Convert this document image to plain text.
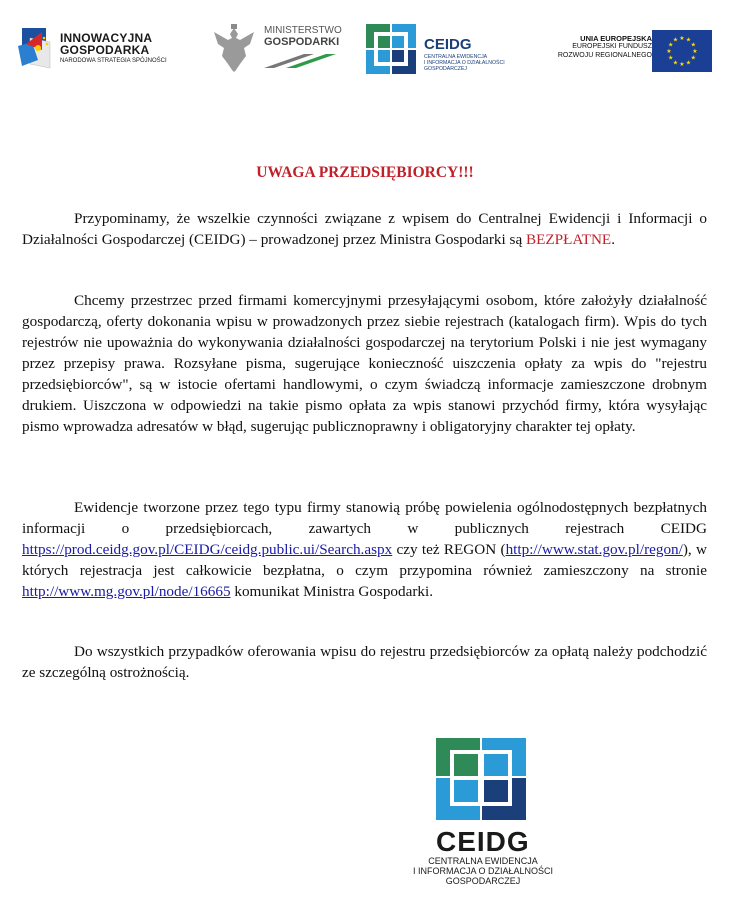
INNOWACYJNA
GOSPODARKA
NARODOWA STRATEGIA SPÓJNOŚCI
MINISTERSTWO
GOSPODARKI	CEIDG
CENTRALNA EWIDENCJA
I INFORMACJA O DZIAŁALNOŚCI
GOSPODARCZEJ
UNIA EUROPEJSKA
EUROPEJSKI FUNDUSZ
ROZWOJU REGIONALNEGO
★
★
★
★
★
★
★
★
★ ★ ★
★
UWAGA PRZEDSIĘBIORCY!!!

Przypominamy, że wszelkie czynności związane z wpisem do Centralnej Ewidencji i Informacji o Działalności Gospodarczej (CEIDG) – prowadzonej przez Ministra Gospodarki są BEZPŁATNE.

Chcemy przestrzec przed firmami komercyjnymi przesyłającymi osobom, które założyły działalność gospodarczą, oferty dokonania wpisu w prowadzonych przez siebie rejestrach (katalogach firm). Wpis do tych rejestrów nie upoważnia do wykonywania działalności gospodarczej na terytorium Polski i nie jest wymagany przez przepisy prawa. Rozsyłane pisma, sugerujące konieczność uiszczenia opłaty za wpis do "rejestru przedsiębiorców", są w istocie ofertami handlowymi, o czym świadczą informacje zamieszczone drobnym drukiem. Uiszczona w odpowiedzi na takie pismo opłata za wpis stanowi przychód firmy, która wysyłając pismo wprowadza adresatów w błąd, sugerując publicznoprawny i obligatoryjny charakter tej opłaty.

Ewidencje tworzone przez tego typu firmy stanowią próbę powielenia ogólnodostępnych bezpłatnych informacji o przedsiębiorcach, zawartych w publicznych rejestrach CEIDG https://prod.ceidg.gov.pl/CEIDG/ceidg.public.ui/Search.aspx czy też REGON (http://www.stat.gov.pl/regon/), w których rejestracja jest całkowicie bezpłatna, o czym przypomina również zamieszczony na stronie http://www.mg.gov.pl/node/16665 komunikat Ministra Gospodarki.

Do wszystkich przypadków oferowania wpisu do rejestru przedsiębiorców za opłatą należy podchodzić ze szczególną ostrożnością.

CEIDG
CENTRALNA EWIDENCJA
I INFORMACJA O DZIAŁALNOŚCI
GOSPODARCZEJ
